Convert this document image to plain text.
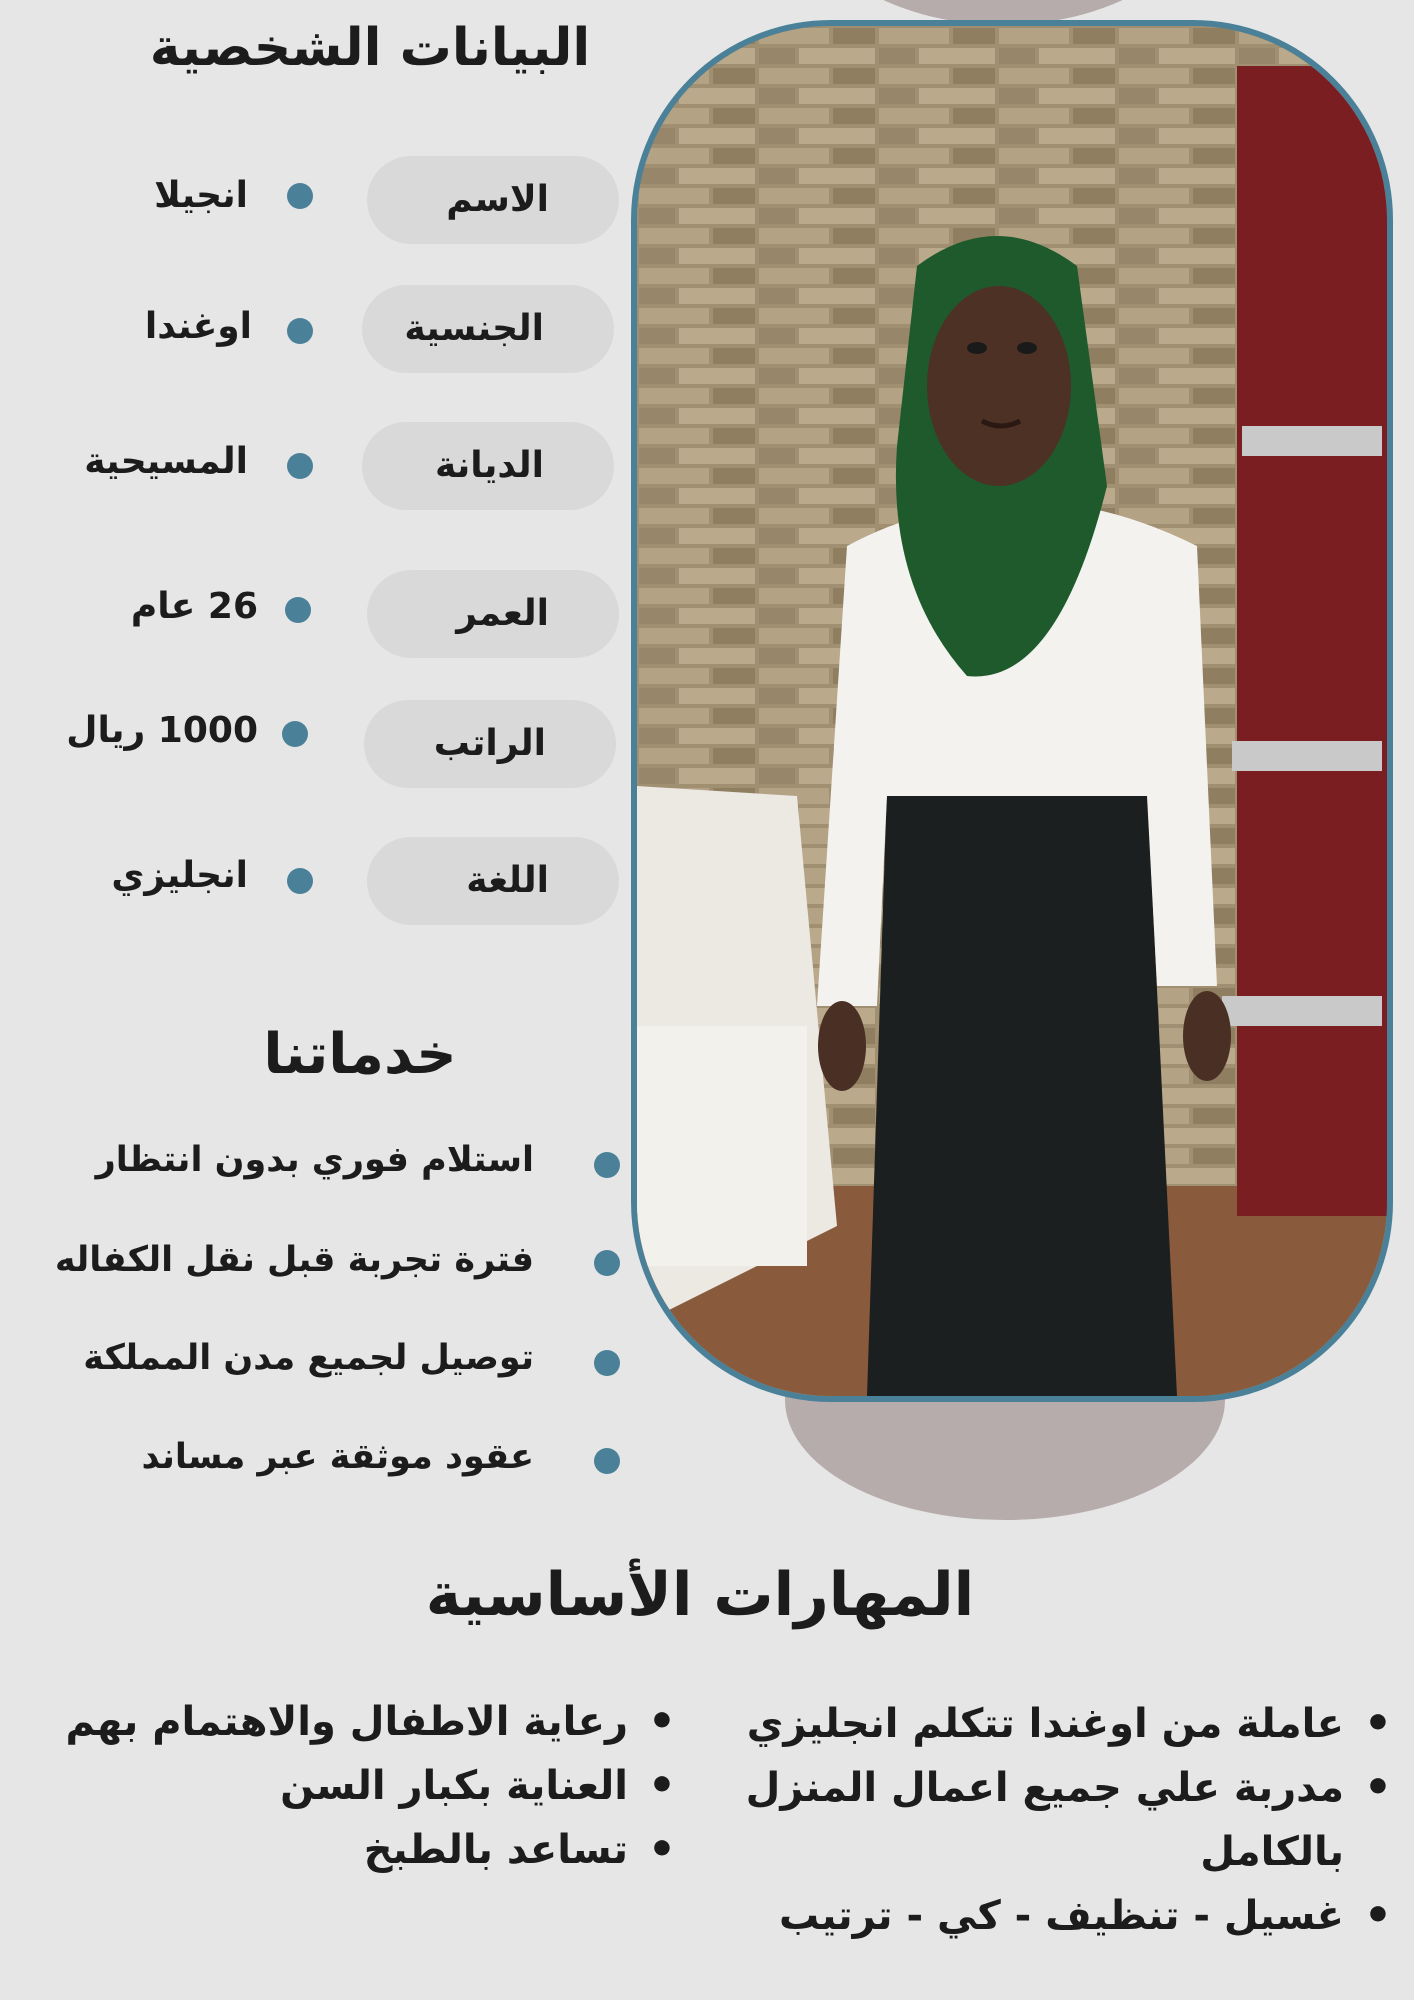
البيانات الشخصية
الاسم
انجيلا
الجنسية
اوغندا
الديانة
المسيحية
العمر
26 عام
الراتب
1000 ريال
اللغة
انجليزي
خدماتنا
استلام فوري بدون انتظار
فترة تجربة قبل نقل الكفاله
توصيل لجميع مدن المملكة
عقود موثقة عبر مساند
المهارات الأساسية
• عاملة من اوغندا تتكلم انجليزي
• مدربة علي جميع اعمال المنزل بالكامل
• غسيل - تنظيف - كي - ترتيب
• رعاية الاطفال والاهتمام بهم
• العناية بكبار السن
• تساعد بالطبخ
